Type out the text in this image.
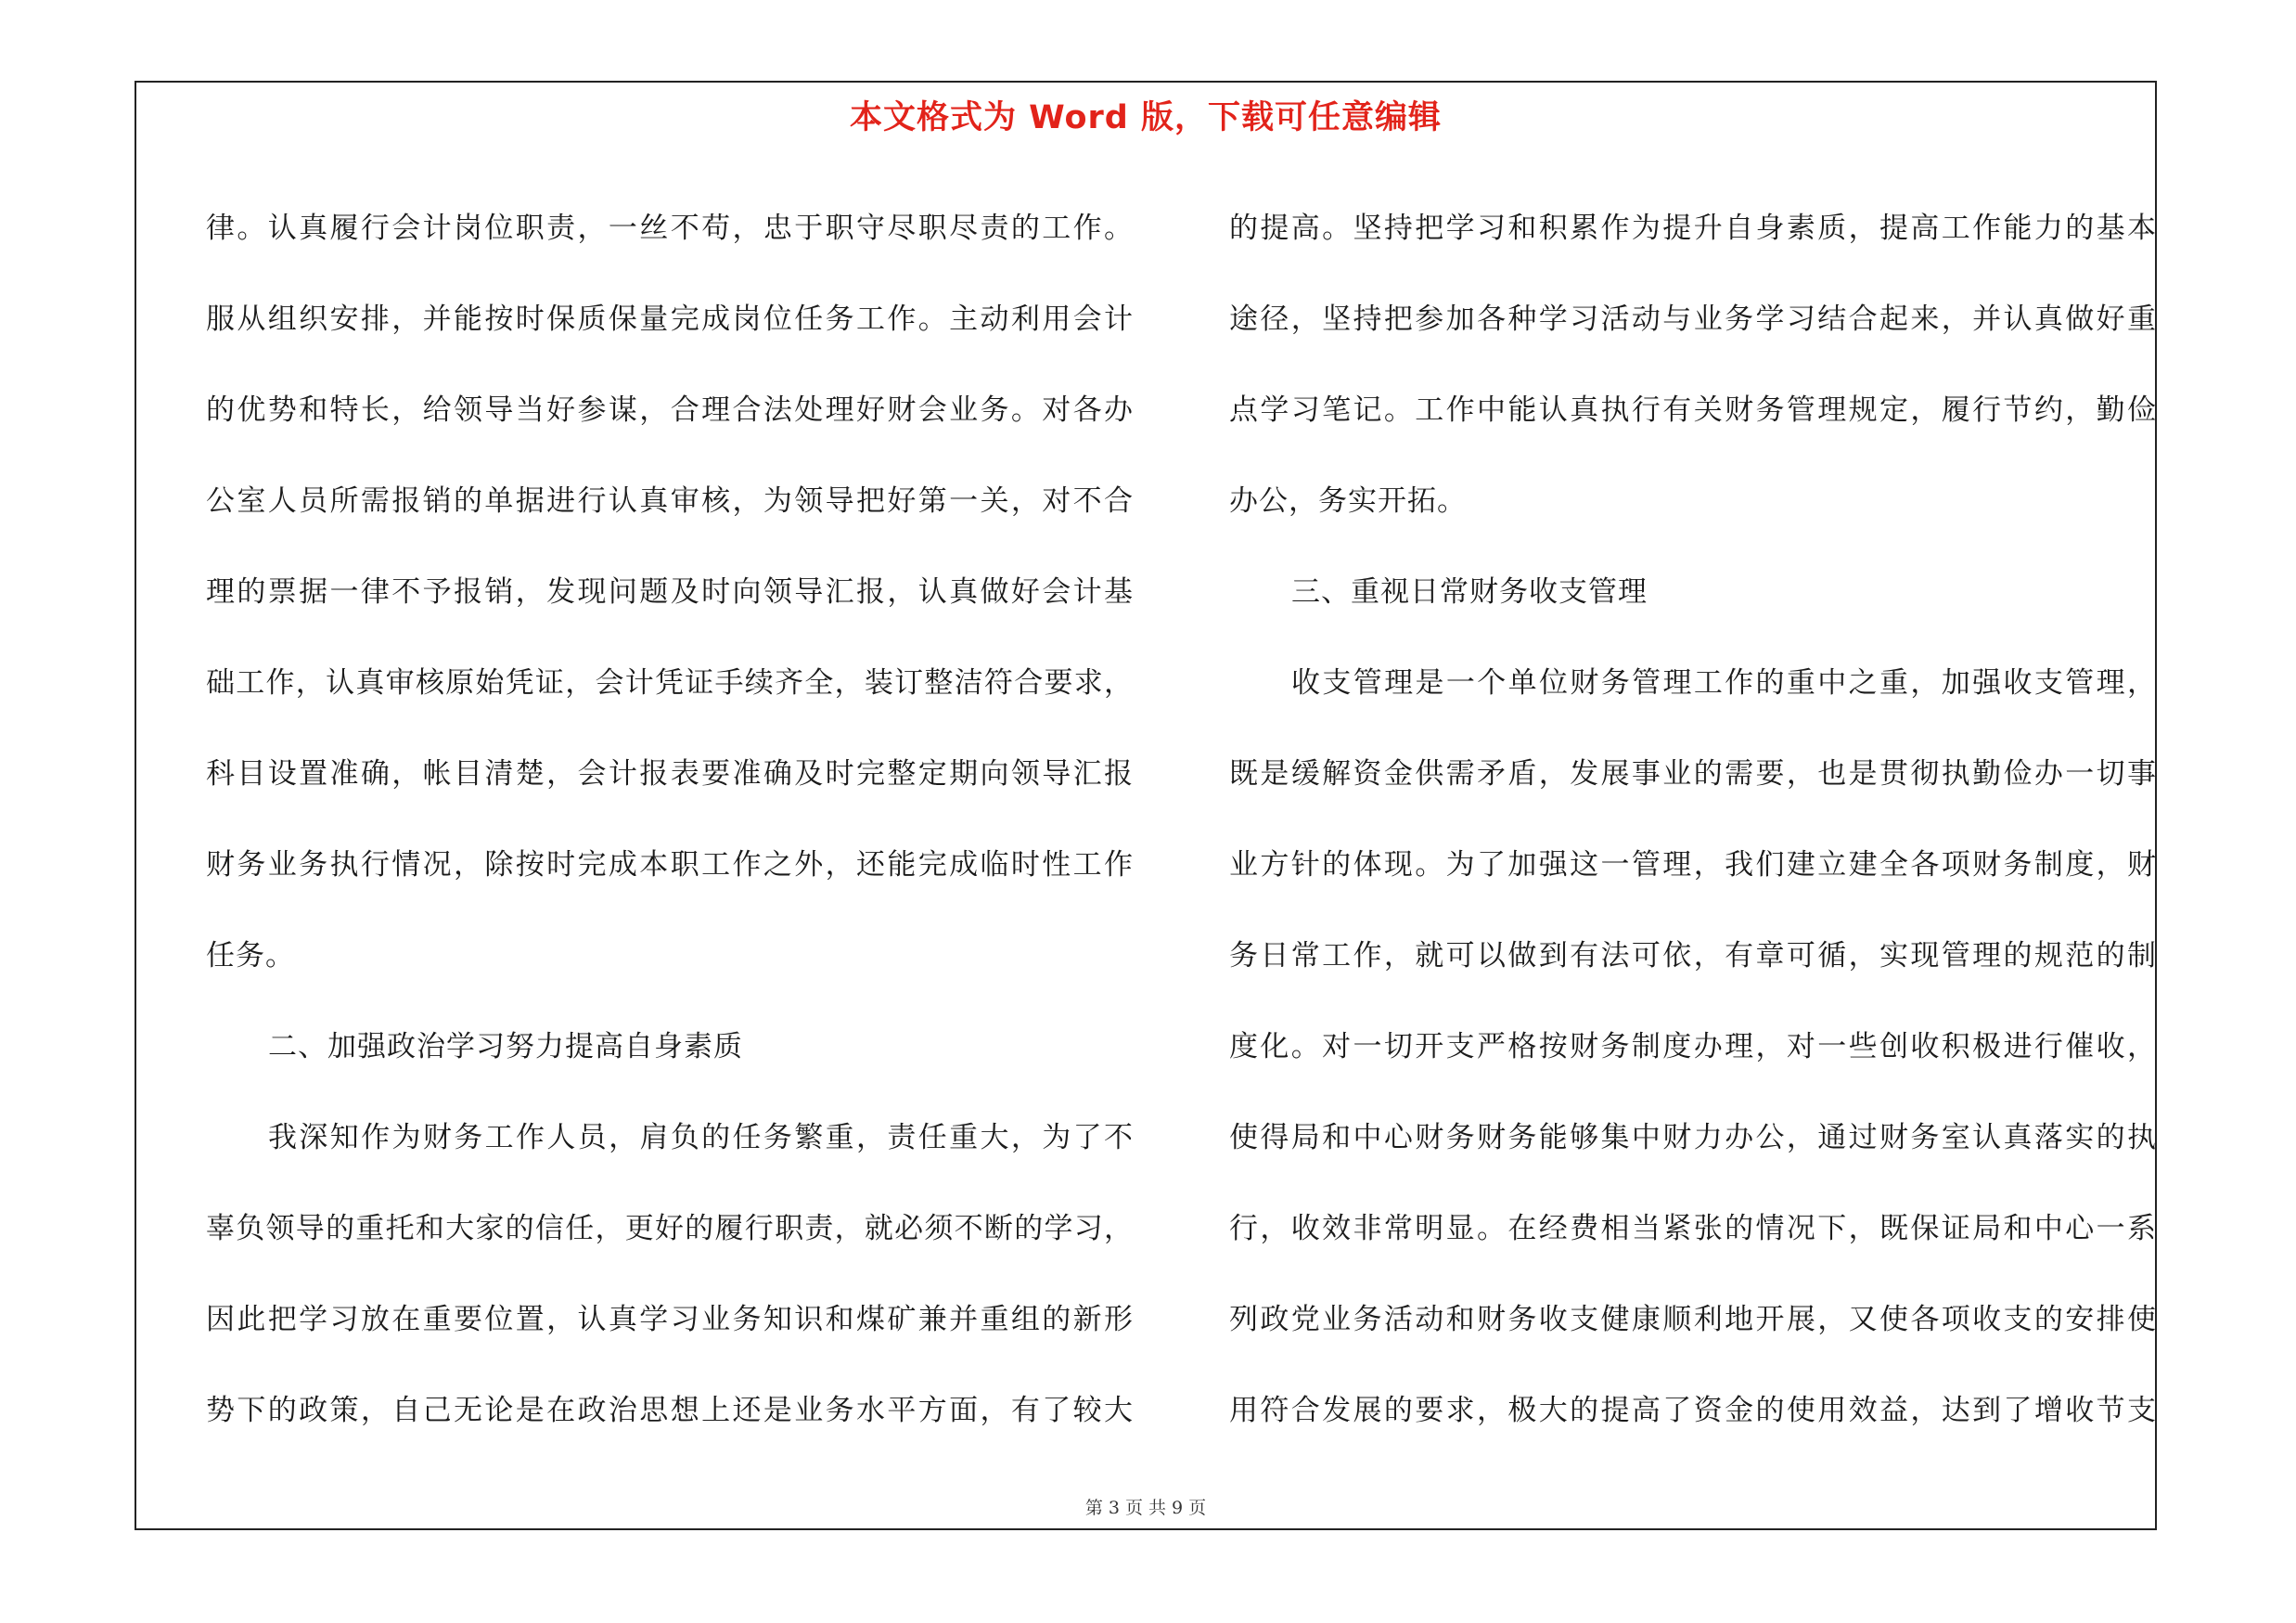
本文格式为 Word 版，下载可任意编辑
律。认真履行会计岗位职责，一丝不苟，忠于职守尽职尽责的工作。
服从组织安排，并能按时保质保量完成岗位任务工作。主动利用会计
的优势和特长，给领导当好参谋，合理合法处理好财会业务。对各办
公室人员所需报销的单据进行认真审核，为领导把好第一关，对不合
理的票据一律不予报销，发现问题及时向领导汇报，认真做好会计基
础工作，认真审核原始凭证，会计凭证手续齐全，装订整洁符合要求，
科目设置准确，帐目清楚，会计报表要准确及时完整定期向领导汇报
财务业务执行情况，除按时完成本职工作之外，还能完成临时性工作
任务。
二、加强政治学习努力提高自身素质
我深知作为财务工作人员，肩负的任务繁重，责任重大，为了不
辜负领导的重托和大家的信任，更好的履行职责，就必须不断的学习，
因此把学习放在重要位置，认真学习业务知识和煤矿兼并重组的新形
势下的政策，自己无论是在政治思想上还是业务水平方面，有了较大
的提高。坚持把学习和积累作为提升自身素质，提高工作能力的基本
途径，坚持把参加各种学习活动与业务学习结合起来，并认真做好重
点学习笔记。工作中能认真执行有关财务管理规定，履行节约，勤俭
办公，务实开拓。
三、重视日常财务收支管理
收支管理是一个单位财务管理工作的重中之重，加强收支管理，
既是缓解资金供需矛盾，发展事业的需要，也是贯彻执勤俭办一切事
业方针的体现。为了加强这一管理，我们建立建全各项财务制度，财
务日常工作，就可以做到有法可依，有章可循，实现管理的规范的制
度化。对一切开支严格按财务制度办理，对一些创收积极进行催收，
使得局和中心财务财务能够集中财力办公，通过财务室认真落实的执
行，收效非常明显。在经费相当紧张的情况下，既保证局和中心一系
列政党业务活动和财务收支健康顺利地开展，又使各项收支的安排使
用符合发展的要求，极大的提高了资金的使用效益，达到了增收节支
第 3 页 共 9 页
